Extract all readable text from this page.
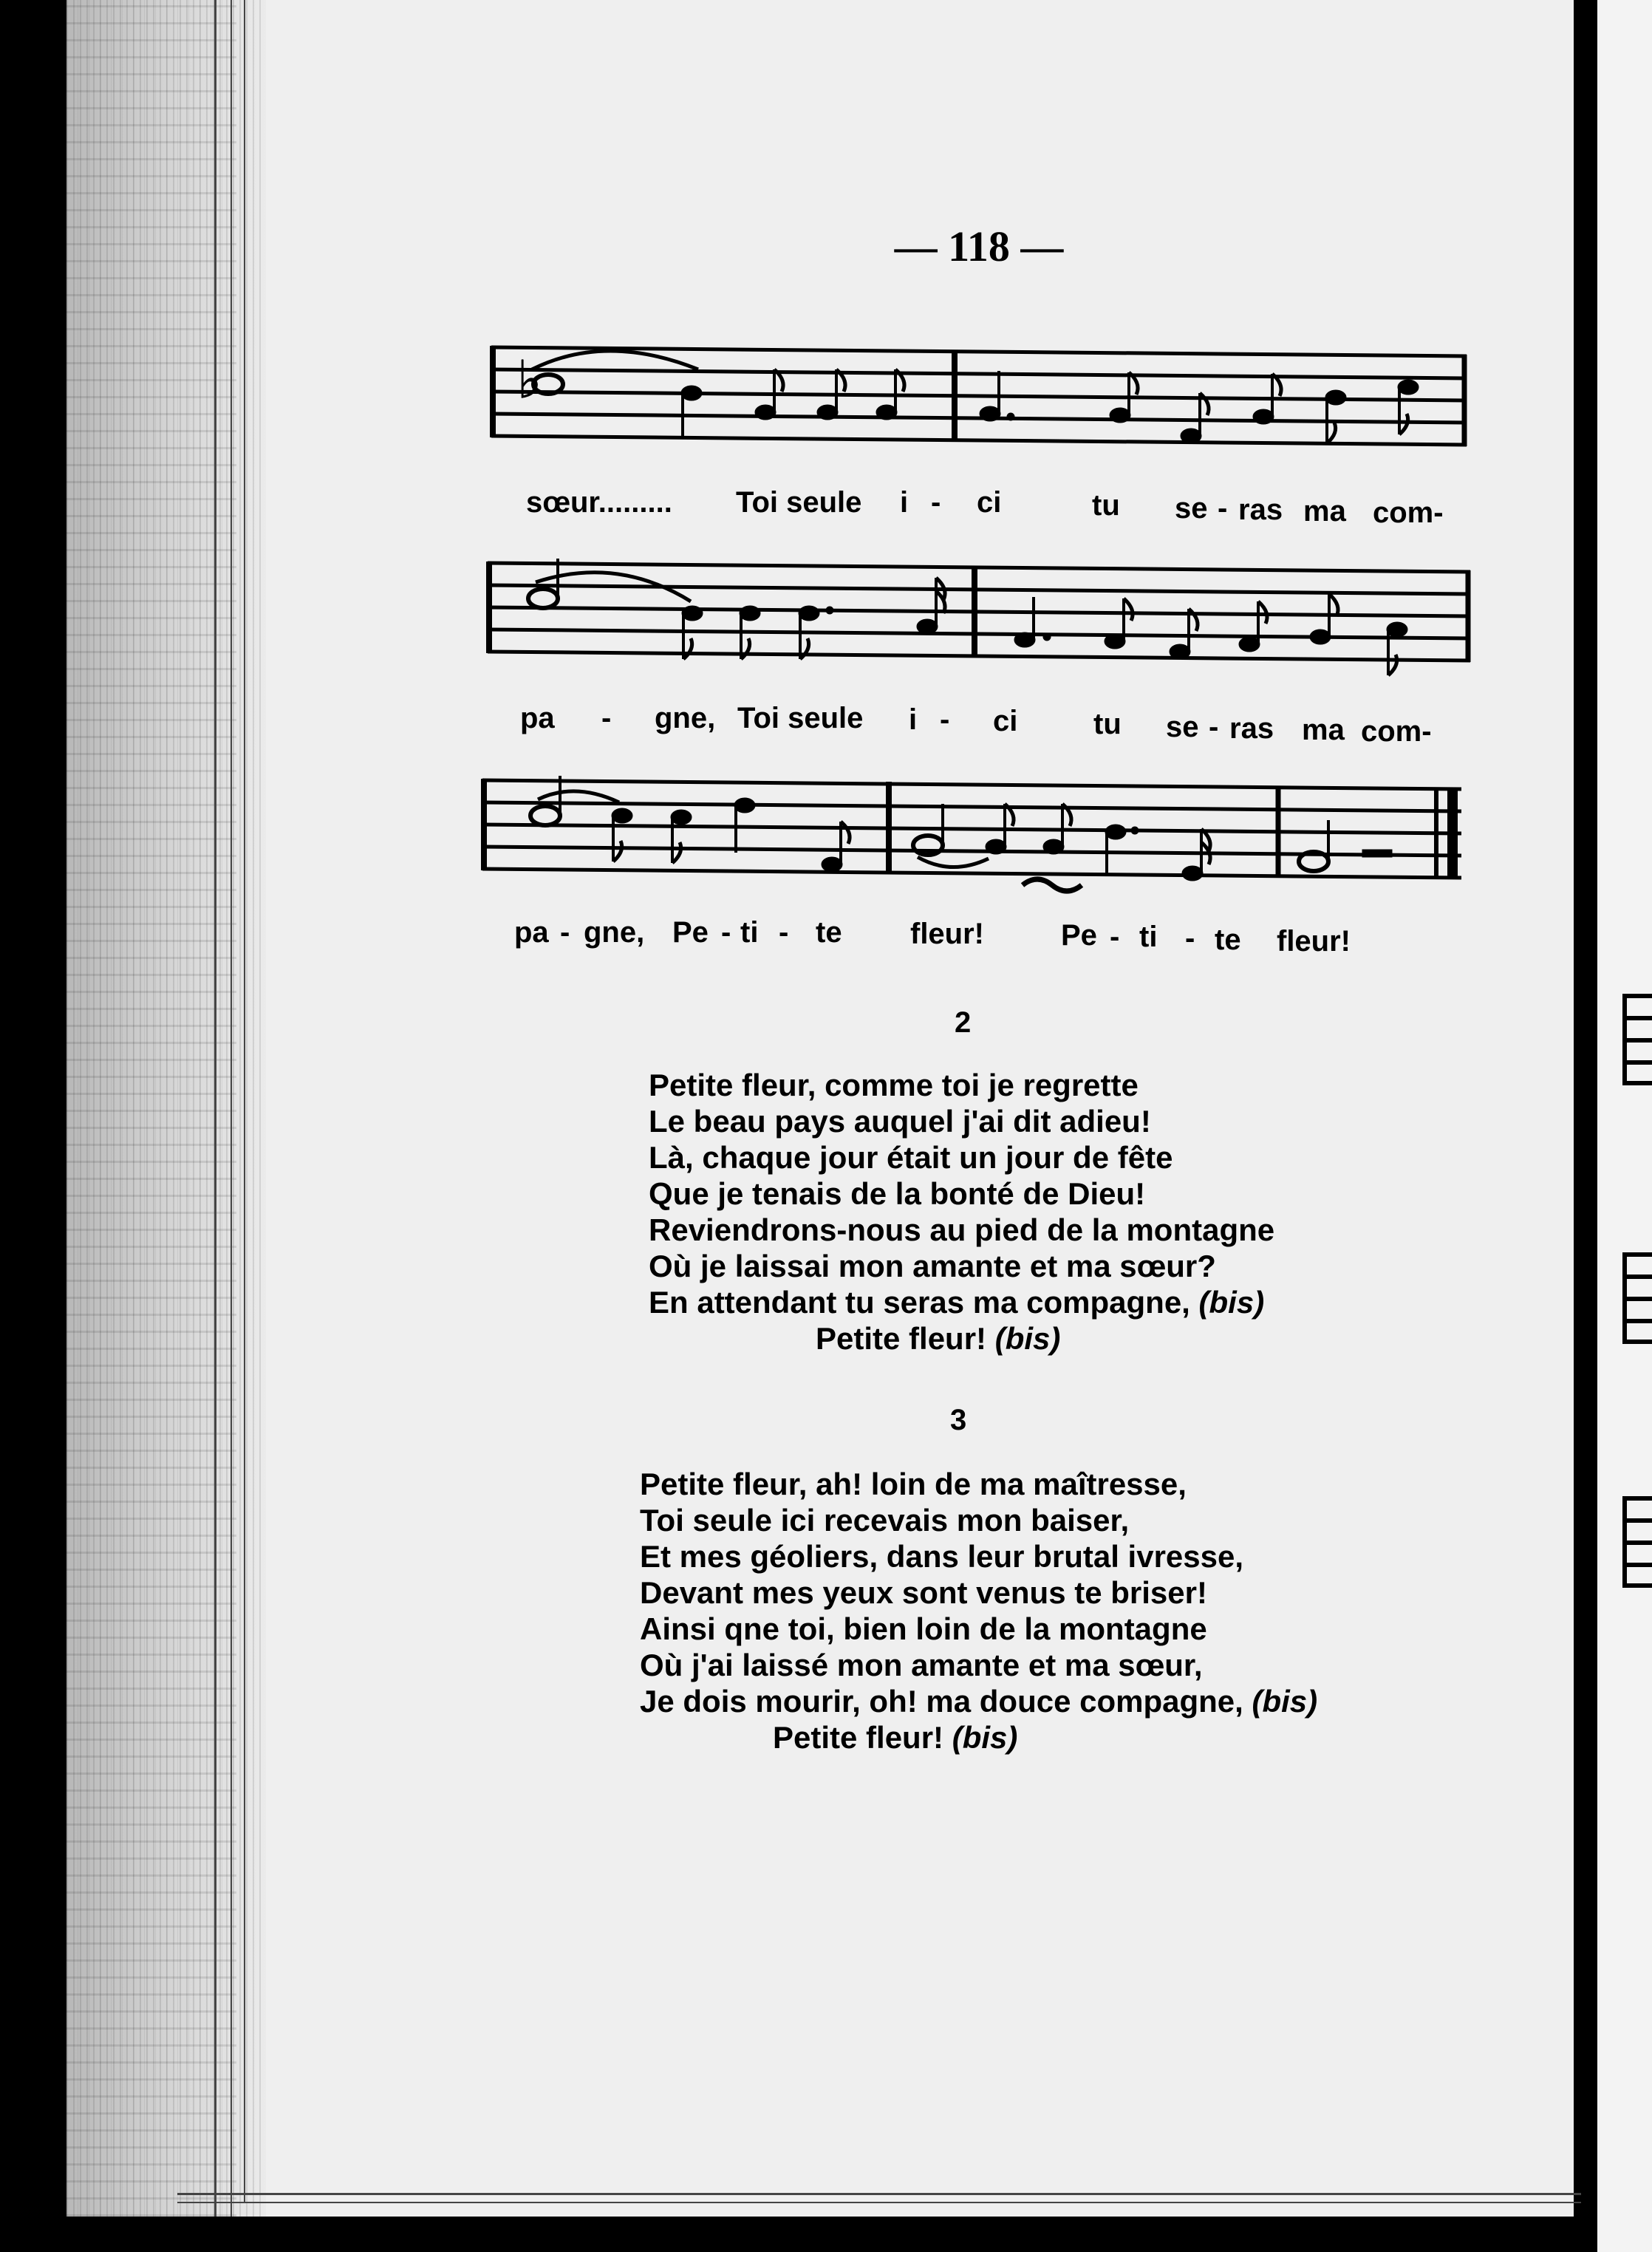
— 118 —
♭
sœur......... Toi seule i - ci	tu se - ras ma com-
pa - gne, Toi seule i - ci	tu se - ras ma com-
pa - gne, Pe - ti - te fleur!	Pe - ti - te fleur!
2
Petite fleur, comme toi je regrette
Le beau pays auquel j'ai dit adieu!
Là, chaque jour était un jour de fête
Que je tenais de la bonté de Dieu!
Reviendrons-nous au pied de la montagne
Où je laissai mon amante et ma sœur?
En attendant tu seras ma compagne, (bis)
Petite fleur! (bis)
3
Petite fleur, ah! loin de ma maîtresse,
Toi seule ici recevais mon baiser,
Et mes géoliers, dans leur brutal ivresse,
Devant mes yeux sont venus te briser!
Ainsi qne toi, bien loin de la montagne
Où j'ai laissé mon amante et ma sœur,
Je dois mourir, oh! ma douce compagne, (bis)
Petite fleur! (bis)
